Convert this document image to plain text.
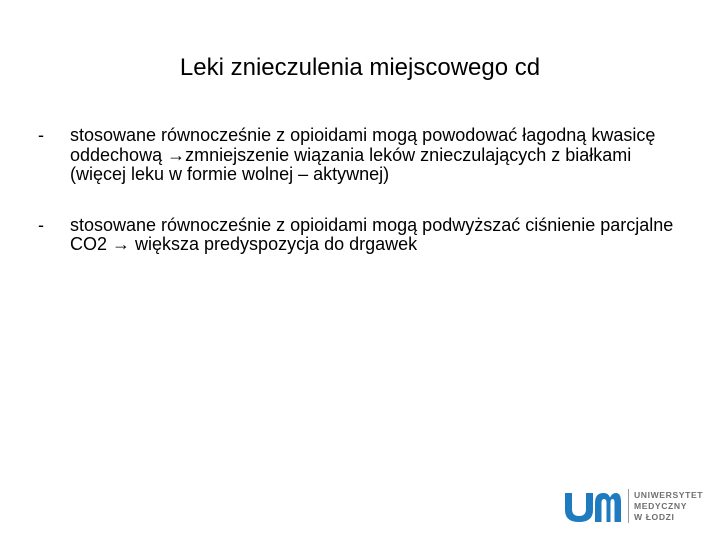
Leki znieczulenia miejscowego cd
-	stosowane równocześnie z opioidami mogą powodować łagodną kwasicę oddechową →zmniejszenie wiązania leków znieczulających z białkami (więcej leku w formie wolnej – aktywnej)
-	stosowane równocześnie z opioidami mogą podwyższać ciśnienie parcjalne CO2 → większa predyspozycja do drgawek
UNIWERSYTET
MEDYCZNY
W ŁODZI
